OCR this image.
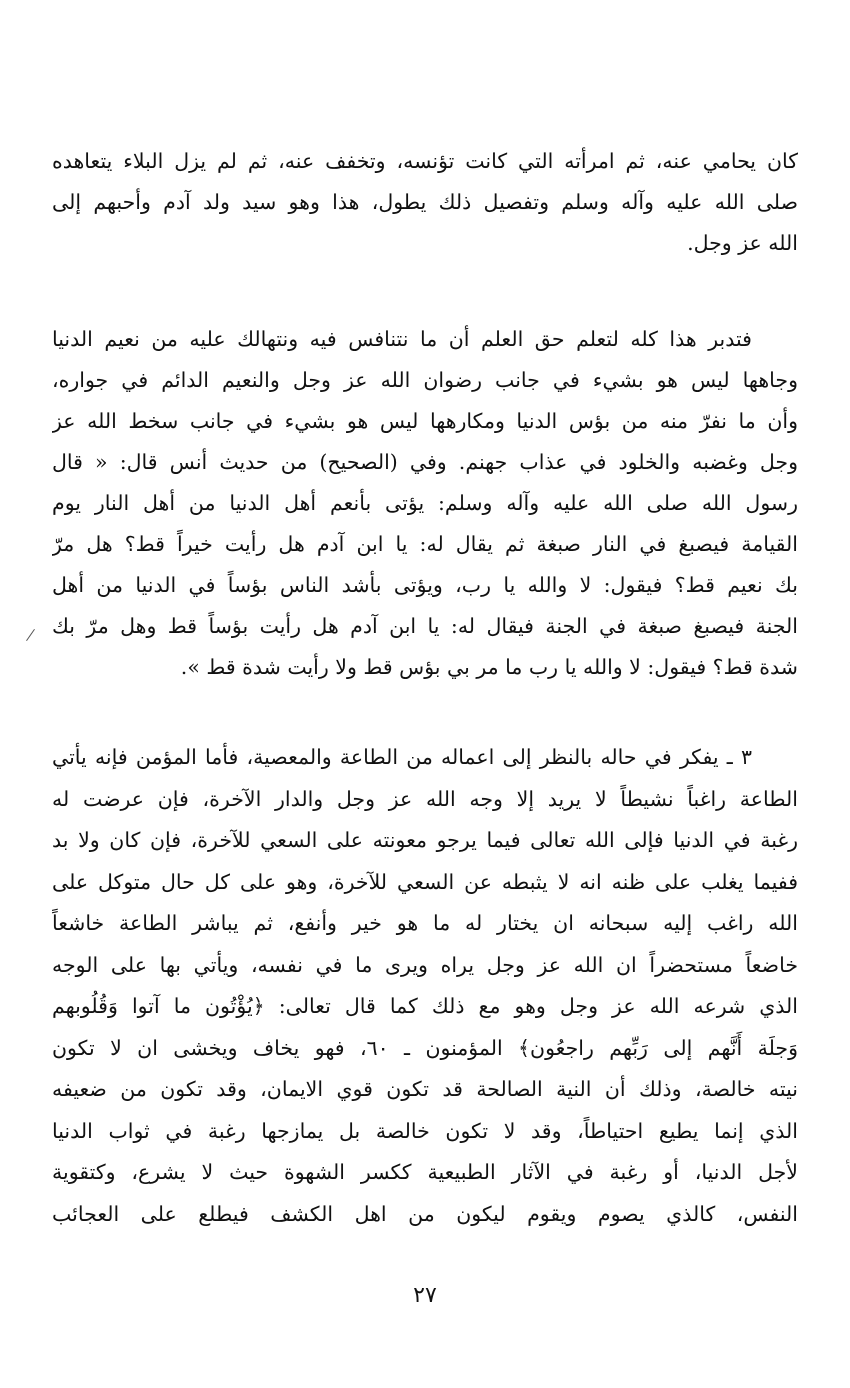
كان يحامي عنه، ثم امرأته التي كانت تؤنسه، وتخفف عنه، ثم لم يزل البلاء يتعاهده
صلى الله عليه وآله وسلم وتفصيل ذلك يطول، هذا وهو سيد ولد آدم وأحبهم إلى
الله عز وجل.
فتدبر هذا كله لتعلم حق العلم أن ما نتنافس فيه ونتهالك عليه من نعيم الدنيا
وجاهها ليس هو بشيء في جانب رضوان الله عز وجل والنعيم الدائم في جواره،
وأن ما نفرّ منه من بؤس الدنيا ومكارهها ليس هو بشيء في جانب سخط الله عز
وجل وغضبه والخلود في عذاب جهنم. وفي (الصحيح) من حديث أنس قال: « قال
رسول الله صلى الله عليه وآله وسلم: يؤتى بأنعم أهل الدنيا من أهل النار يوم
القيامة فيصبغ في النار صبغة ثم يقال له: يا ابن آدم هل رأيت خيراً قط؟ هل مرّ
بك نعيم قط؟ فيقول: لا والله يا رب، ويؤتى بأشد الناس بؤساً في الدنيا من أهل
الجنة فيصبغ صبغة في الجنة فيقال له: يا ابن آدم هل رأيت بؤساً قط وهل مرّ بك
شدة قط؟ فيقول: لا والله يا رب ما مر بي بؤس قط ولا رأيت شدة قط ».
٣ ـ يفكر في حاله بالنظر إلى اعماله من الطاعة والمعصية، فأما المؤمن فإنه يأتي
الطاعة راغباً نشيطاً لا يريد إلا وجه الله عز وجل والدار الآخرة، فإن عرضت له
رغبة في الدنيا فإلى الله تعالى فيما يرجو معونته على السعي للآخرة، فإن كان ولا بد
ففيما يغلب على ظنه انه لا يثبطه عن السعي للآخرة، وهو على كل حال متوكل على
الله راغب إليه سبحانه ان يختار له ما هو خير وأنفع، ثم يباشر الطاعة خاشعاً
خاضعاً مستحضراً ان الله عز وجل يراه ويرى ما في نفسه، ويأتي بها على الوجه
الذي شرعه الله عز وجل وهو مع ذلك كما قال تعالى: ﴿يُؤْتُون ما آتوا وَقُلُوبهم
وَجلَة أَنَّهم إلى رَبِّهم راجعُون﴾ المؤمنون ـ ٦٠، فهو يخاف ويخشى ان لا تكون
نيته خالصة، وذلك أن النية الصالحة قد تكون قوي الايمان، وقد تكون من ضعيفه
الذي إنما يطيع احتياطاً، وقد لا تكون خالصة بل يمازجها رغبة في ثواب الدنيا
لأجل الدنيا، أو رغبة في الآثار الطبيعية ككسر الشهوة حيث لا يشرع، وكتقوية
النفس، كالذي يصوم ويقوم ليكون من اهل الكشف فيطلع على العجائب
٢٧
